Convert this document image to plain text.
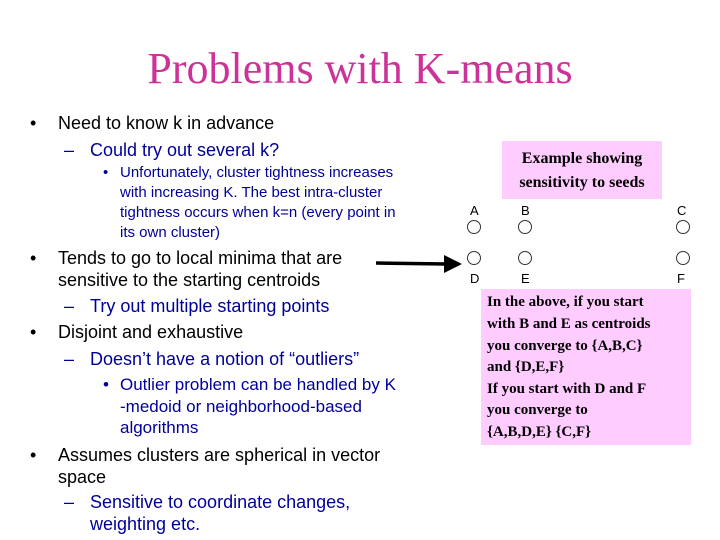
Problems with K-means
• Need to know k in advance
– Could try out several k?
• Unfortunately, cluster tightness increases
with increasing K. The best intra-cluster
tightness occurs when k=n (every point in
its own cluster)
• Tends to go to local minima that are
sensitive to the starting centroids
– Try out multiple starting points
• Disjoint and exhaustive
– Doesn’t have a notion of “outliers”
• Outlier problem can be handled by K
-medoid or neighborhood-based
algorithms
• Assumes clusters are spherical in vector
space
– Sensitive to coordinate changes,
weighting etc.
Example showing
sensitivity to seeds
A	B	C
D	E	F
In the above, if you start
with B and E as centroids
you converge to {A,B,C}
and {D,E,F}
If you start with D and F
you converge to
{A,B,D,E} {C,F}
